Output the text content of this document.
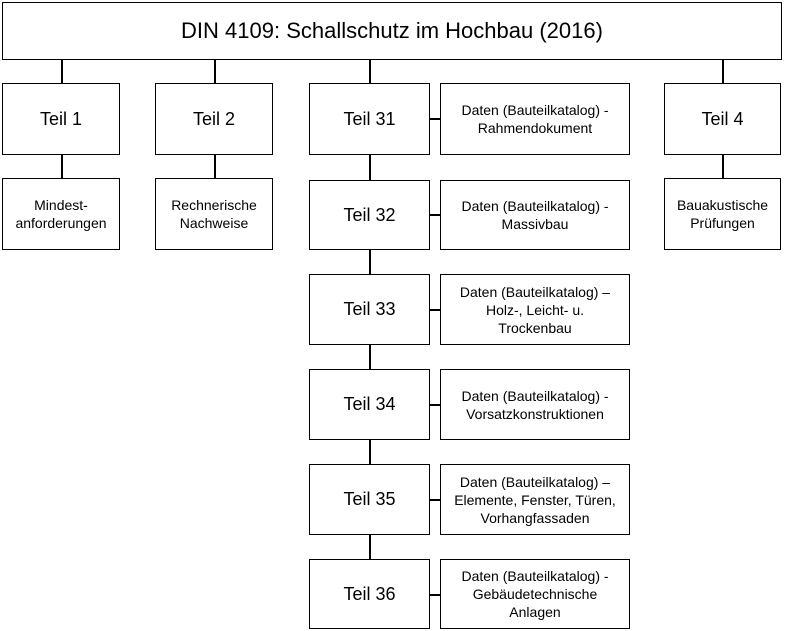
DIN 4109: Schallschutz im Hochbau (2016)
Teil 1
Mindest-
anforderungen
Teil 2
Rechnerische
Nachweise
Teil 31	Daten (Bauteilkatalog) -
Rahmendokument
Teil 32	Daten (Bauteilkatalog) -
Massivbau
Teil 33
Daten (Bauteilkatalog) –
Holz-, Leicht- u.
Trockenbau
Teil 34	Daten (Bauteilkatalog) -
Vorsatzkonstruktionen
Teil 35
Daten (Bauteilkatalog) –
Elemente, Fenster, Türen,
Vorhangfassaden
Teil 36
Daten (Bauteilkatalog) -
Gebäudetechnische
Anlagen
Teil 4
Bauakustische
Prüfungen
